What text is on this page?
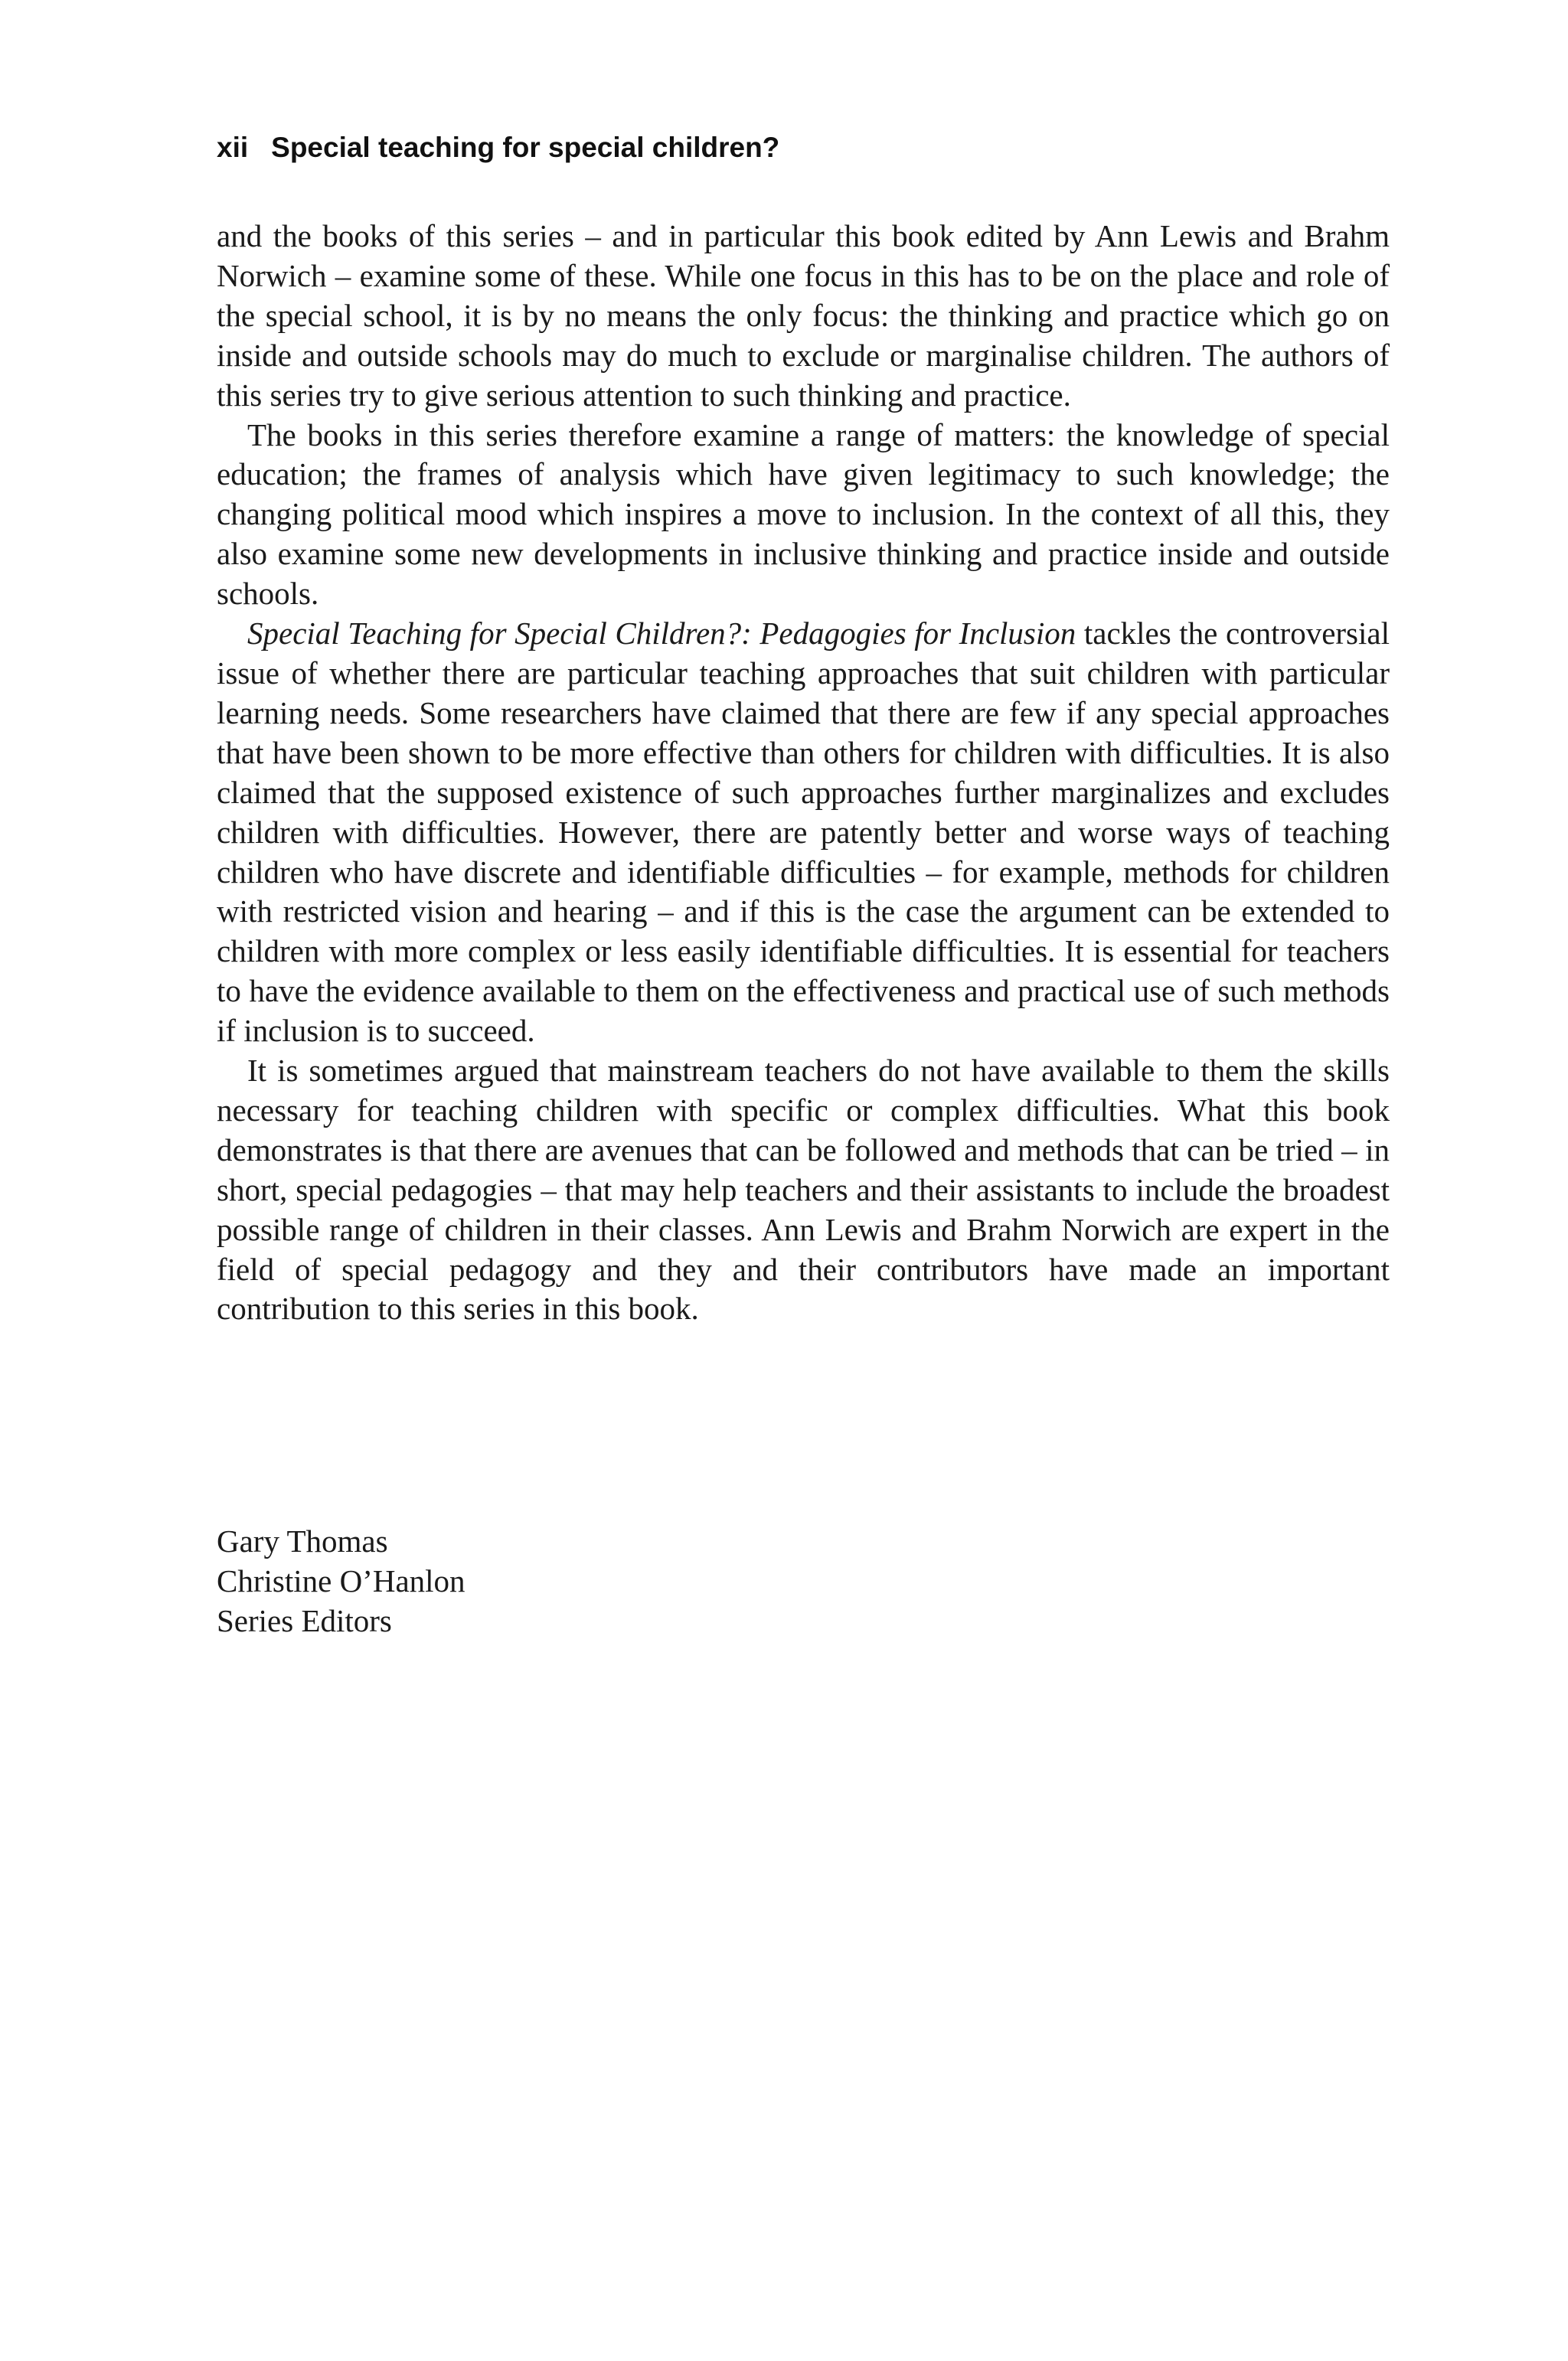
xii Special teaching for special children?

and the books of this series – and in particular this book edited by Ann Lewis and Brahm Norwich – examine some of these. While one focus in this has to be on the place and role of the special school, it is by no means the only focus: the thinking and practice which go on inside and outside schools may do much to exclude or marginalise children. The authors of this series try to give serious attention to such thinking and practice.

The books in this series therefore examine a range of matters: the knowledge of special education; the frames of analysis which have given legitimacy to such knowledge; the changing political mood which inspires a move to inclusion. In the context of all this, they also examine some new developments in inclusive thinking and practice inside and outside schools.

Special Teaching for Special Children?: Pedagogies for Inclusion tackles the controversial issue of whether there are particular teaching approaches that suit children with particular learning needs. Some researchers have claimed that there are few if any special approaches that have been shown to be more effective than others for children with difficulties. It is also claimed that the supposed existence of such approaches further marginalizes and excludes children with difficulties. However, there are patently better and worse ways of teaching children who have discrete and identifiable difficulties – for example, methods for children with restricted vision and hearing – and if this is the case the argument can be extended to children with more complex or less easily identifiable difficulties. It is essential for teachers to have the evidence available to them on the effectiveness and practical use of such methods if inclusion is to succeed.

It is sometimes argued that mainstream teachers do not have available to them the skills necessary for teaching children with specific or complex difficulties. What this book demonstrates is that there are avenues that can be followed and methods that can be tried – in short, special pedagogies – that may help teachers and their assistants to include the broadest possible range of children in their classes. Ann Lewis and Brahm Norwich are expert in the field of special pedagogy and they and their contributors have made an important contribution to this series in this book.

Gary Thomas
Christine O’Hanlon
Series Editors
